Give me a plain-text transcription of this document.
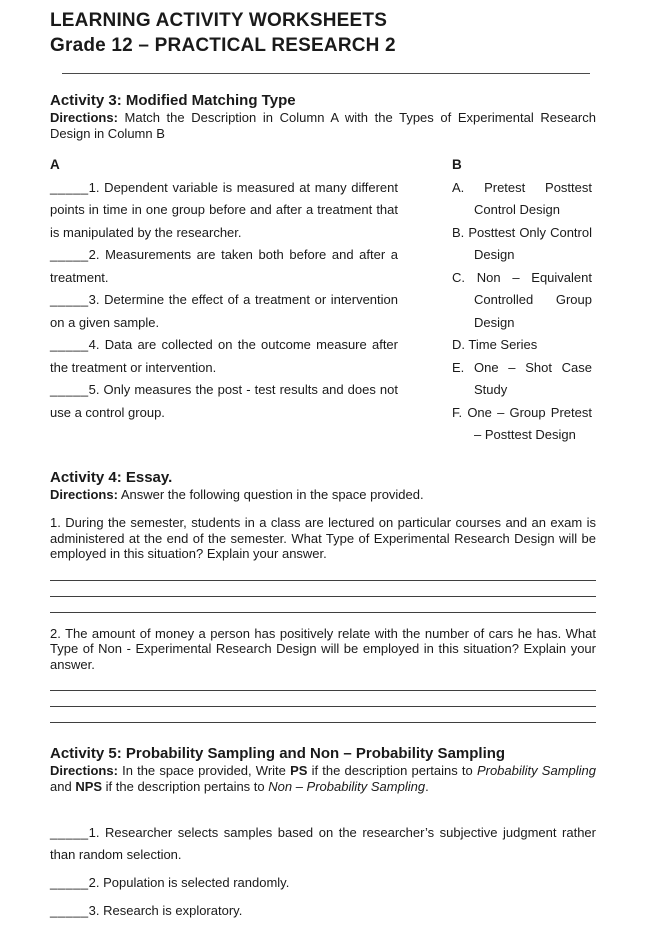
LEARNING ACTIVITY WORKSHEETS
Grade 12 – PRACTICAL RESEARCH 2
Activity 3: Modified Matching Type

Directions: Match the Description in Column A with the Types of Experimental Research Design in Column B

A

_____1. Dependent variable is measured at many different points in time in one group before and after a treatment that is manipulated by the researcher.

_____2. Measurements are taken both before and after a treatment.

_____3. Determine the effect of a treatment or intervention on a given sample.

_____4. Data are collected on the outcome measure after the treatment or intervention.

_____5. Only measures the post - test results and does not use a control group.

B

A. Pretest Posttest Control Design

B. Posttest Only Control Design

C. Non – Equivalent Controlled Group Design

D. Time Series

E. One – Shot Case Study

F. One – Group Pretest – Posttest Design

Activity 4: Essay.

Directions: Answer the following question in the space provided.

1. During the semester, students in a class are lectured on particular courses and an exam is administered at the end of the semester. What Type of Experimental Research Design will be employed in this situation? Explain your answer.

2. The amount of money a person has positively relate with the number of cars he has. What Type of Non - Experimental Research Design will be employed in this situation? Explain your answer.

Activity 5: Probability Sampling and Non – Probability Sampling

Directions: In the space provided, Write PS if the description pertains to Probability Sampling and NPS if the description pertains to Non – Probability Sampling.

_____1. Researcher selects samples based on the researcher’s subjective judgment rather than random selection.

_____2. Population is selected randomly.

_____3. Research is exploratory.
